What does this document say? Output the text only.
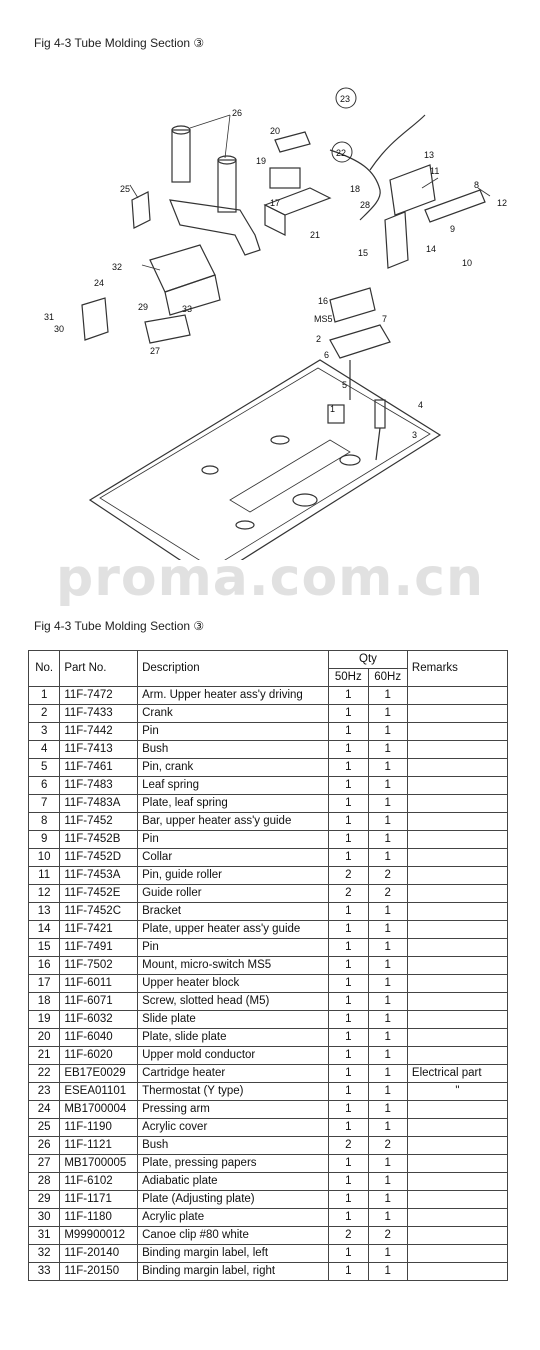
Fig 4-3 Tube Molding Section ③
26
20
19
23
22	13
11
8
12
25	18
17	28
21
9
14
10
15
32
24
29	33
16
MS5	7
31
30
6
2
27
5
1	4
3
proma.com.cn
Fig 4-3 Tube Molding Section ③
No.	Part No.	Description	Qty		Remarks
			50Hz	60Hz	
1	11F-7472	Arm. Upper heater ass'y driving	1	1	
2	11F-7433	Crank	1	1	
3	11F-7442	Pin	1	1	
4	11F-7413	Bush	1	1	
5	11F-7461	Pin, crank	1	1	
6	11F-7483	Leaf spring	1	1	
7	11F-7483A	Plate, leaf spring	1	1	
8	11F-7452	Bar, upper heater ass'y guide	1	1	
9	11F-7452B	Pin	1	1	
10	11F-7452D	Collar	1	1	
11	11F-7453A	Pin, guide roller	2	2	
12	11F-7452E	Guide roller	2	2	
13	11F-7452C	Bracket	1	1	
14	11F-7421	Plate, upper heater ass'y guide	1	1	
15	11F-7491	Pin	1	1	
16	11F-7502	Mount, micro-switch MS5	1	1	
17	11F-6011	Upper heater block	1	1	
18	11F-6071	Screw, slotted head (M5)	1	1	
19	11F-6032	Slide plate	1	1	
20	11F-6040	Plate, slide plate	1	1	
21	11F-6020	Upper mold conductor	1	1	
22	EB17E0029	Cartridge heater	1	1	Electrical part
23	ESEA01101	Thermostat (Y type)	1	1	"
24	MB1700004	Pressing arm	1	1	
25	11F-1190	Acrylic cover	1	1	
26	11F-1121	Bush	2	2	
27	MB1700005	Plate, pressing papers	1	1	
28	11F-6102	Adiabatic plate	1	1	
29	11F-1171	Plate (Adjusting plate)	1	1	
30	11F-1180	Acrylic plate	1	1	
31	M99900012	Canoe clip #80 white	2	2	
32	11F-20140	Binding margin label, left	1	1	
33	11F-20150	Binding margin label, right	1	1	
